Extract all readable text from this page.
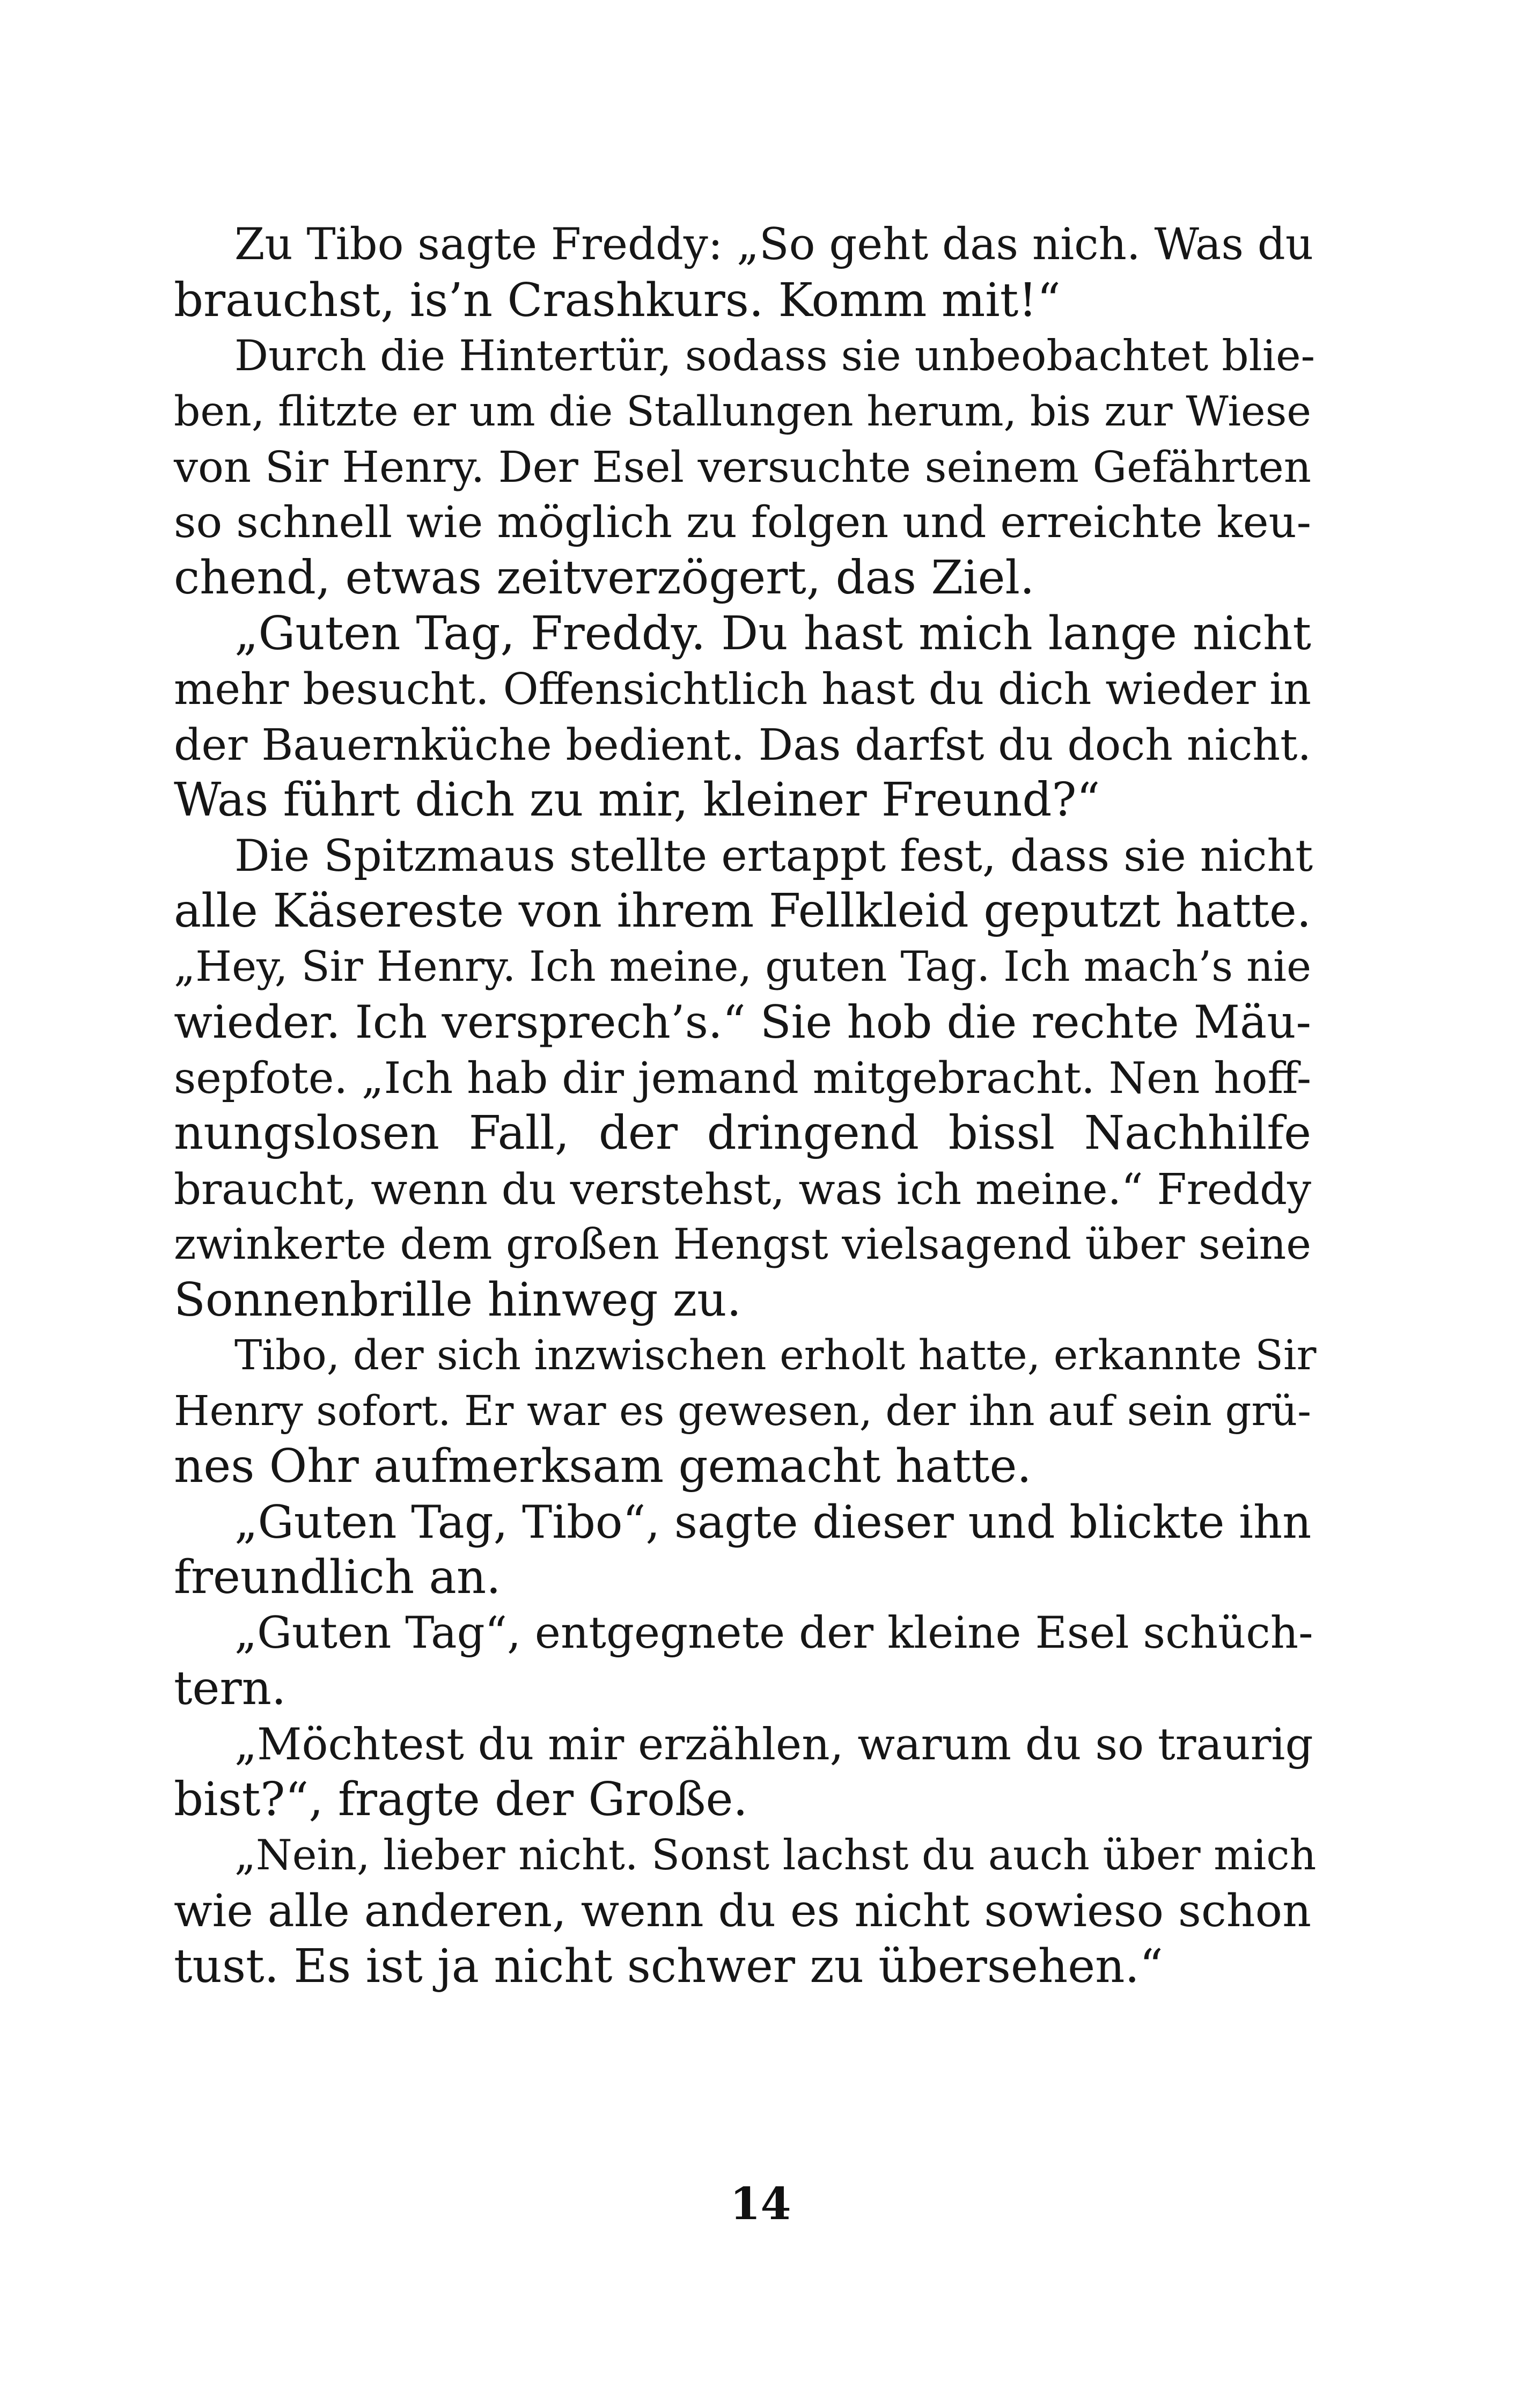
Zu Tibo sagte Freddy: „So geht das nich. Was du
brauchst, is’n Crashkurs. Komm mit!“
Durch die Hintertür, sodass sie unbeobachtet blie-
ben, flitzte er um die Stallungen herum, bis zur Wiese
von Sir Henry. Der Esel versuchte seinem Gefährten
so schnell wie möglich zu folgen und erreichte keu-
chend, etwas zeitverzögert, das Ziel.
„Guten Tag, Freddy. Du hast mich lange nicht
mehr besucht. Offensichtlich hast du dich wieder in
der Bauernküche bedient. Das darfst du doch nicht.
Was führt dich zu mir, kleiner Freund?“
Die Spitzmaus stellte ertappt fest, dass sie nicht
alle Käsereste von ihrem Fellkleid geputzt hatte.
„Hey, Sir Henry. Ich meine, guten Tag. Ich mach’s nie
wieder. Ich versprech’s.“ Sie hob die rechte Mäu-
sepfote. „Ich hab dir jemand mitgebracht. Nen hoff-
nungslosen Fall, der dringend bissl Nachhilfe
braucht, wenn du verstehst, was ich meine.“ Freddy
zwinkerte dem großen Hengst vielsagend über seine
Sonnenbrille hinweg zu.
Tibo, der sich inzwischen erholt hatte, erkannte Sir
Henry sofort. Er war es gewesen, der ihn auf sein grü-
nes Ohr aufmerksam gemacht hatte.
„Guten Tag, Tibo“, sagte dieser und blickte ihn
freundlich an.
„Guten Tag“, entgegnete der kleine Esel schüch-
tern.
„Möchtest du mir erzählen, warum du so traurig
bist?“, fragte der Große.
„Nein, lieber nicht. Sonst lachst du auch über mich
wie alle anderen, wenn du es nicht sowieso schon
tust. Es ist ja nicht schwer zu übersehen.“
14
